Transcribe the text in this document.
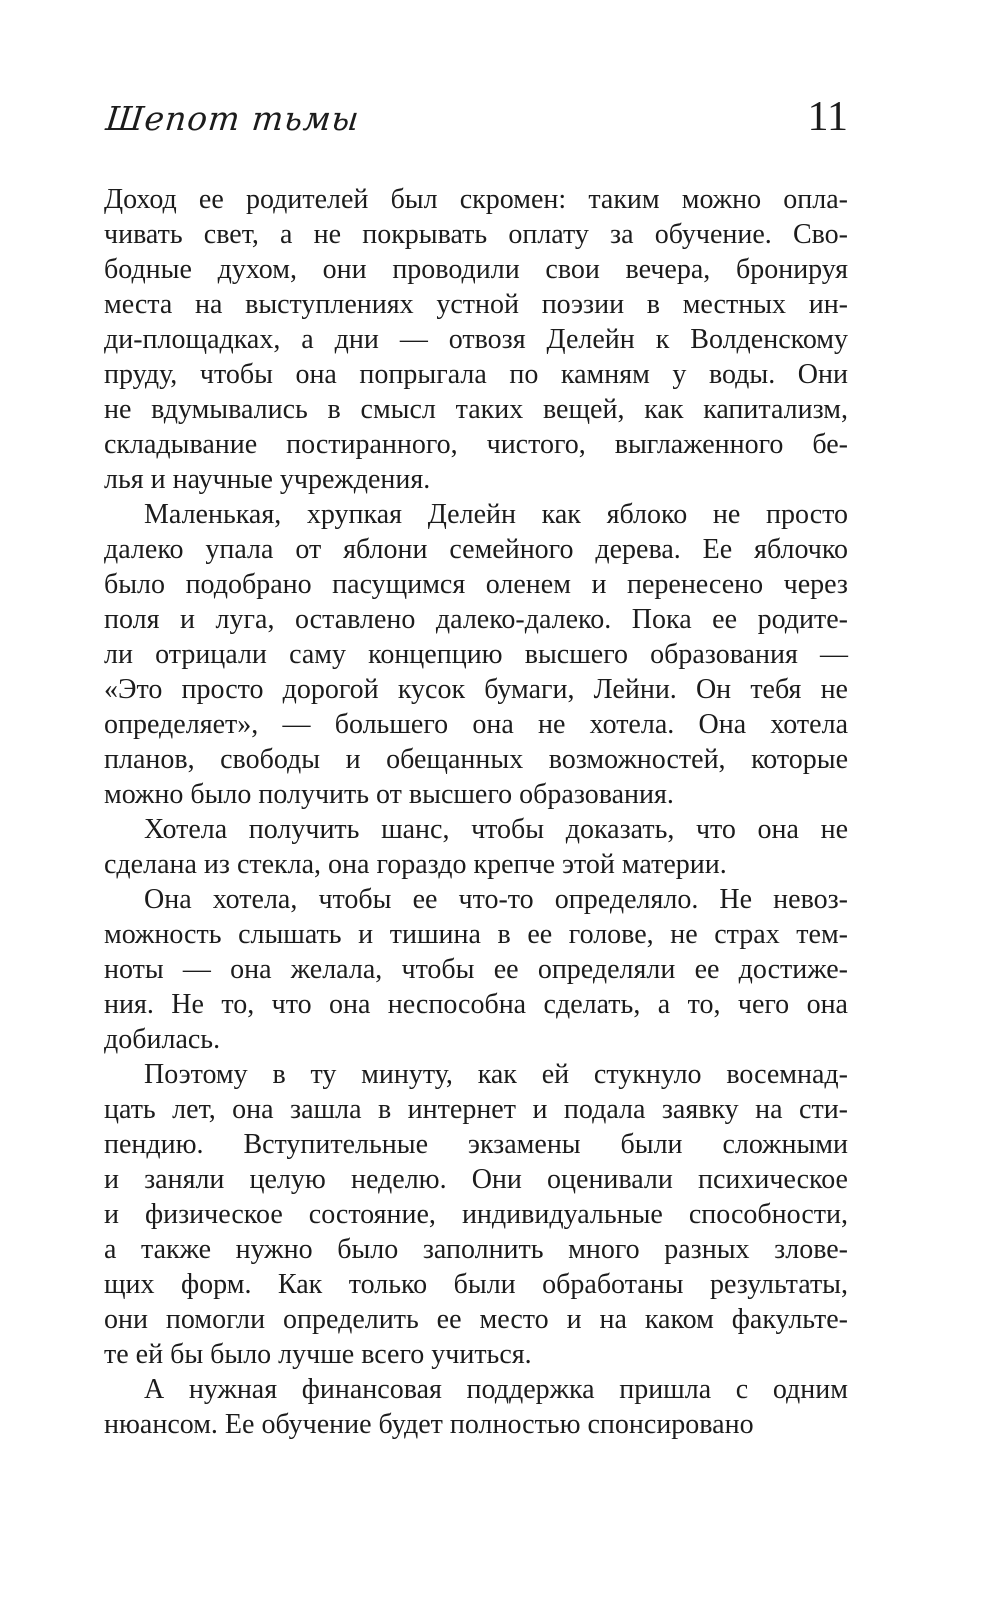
Шепот тьмы	11
Доход ее родителей был скромен: таким можно опла-
чивать свет, а не покрывать оплату за обучение. Сво-
бодные духом, они проводили свои вечера, бронируя
места на выступлениях устной поэзии в местных ин-
ди-площадках, а дни — отвозя Делейн к Волденскому
пруду, чтобы она попрыгала по камням у воды. Они
не вдумывались в смысл таких вещей, как капитализм,
складывание постиранного, чистого, выглаженного бе-
лья и научные учреждения.
Маленькая, хрупкая Делейн как яблоко не просто
далеко упала от яблони семейного дерева. Ее яблочко
было подобрано пасущимся оленем и перенесено через
поля и луга, оставлено далеко-далеко. Пока ее родите-
ли отрицали саму концепцию высшего образования —
«Это просто дорогой кусок бумаги, Лейни. Он тебя не
определяет», — большего она не хотела. Она хотела
планов, свободы и обещанных возможностей, которые
можно было получить от высшего образования.
Хотела получить шанс, чтобы доказать, что она не
сделана из стекла, она гораздо крепче этой материи.
Она хотела, чтобы ее что-то определяло. Не невоз-
можность слышать и тишина в ее голове, не страх тем-
ноты — она желала, чтобы ее определяли ее достиже-
ния. Не то, что она неспособна сделать, а то, чего она
добилась.
Поэтому в ту минуту, как ей стукнуло восемнад-
цать лет, она зашла в интернет и подала заявку на сти-
пендию. Вступительные экзамены были сложными
и заняли целую неделю. Они оценивали психическое
и физическое состояние, индивидуальные способности,
а также нужно было заполнить много разных злове-
щих форм. Как только были обработаны результаты,
они помогли определить ее место и на каком факульте-
те ей бы было лучше всего учиться.
А нужная финансовая поддержка пришла с одним
нюансом. Ее обучение будет полностью спонсировано
